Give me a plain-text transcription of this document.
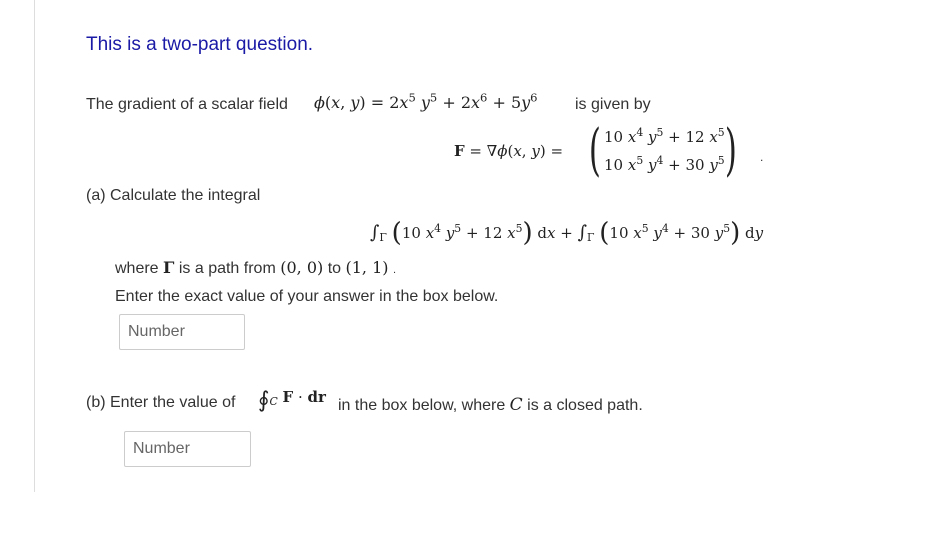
This is a two-part question.
The gradient of a scalar field ϕ(x, $y) = 2x^5$ $y^5 + 2x^6 + 5y^6$ is given by
F = ∇ϕ(x, y) = ( 10 $x^4$ $y^5 + 12$ $x^5$
10 $x^5$ $y^4 + 30$ $y^5$ ) .
(a) Calculate the integral
$\int_\Gamma$ (10 $x^4$ $y^5 + 12$ $x^5$) dx + $\int_\Gamma$ (10 $x^5$ $y^4 + 30$ $y^5$) dy
where Γ is a path from (0, 0) to (1, 1) .
Enter the exact value of your answer in the box below.
Number
(b) Enter the value of $∮_C$ F · dr in the box below, where C is a closed path.
Number
